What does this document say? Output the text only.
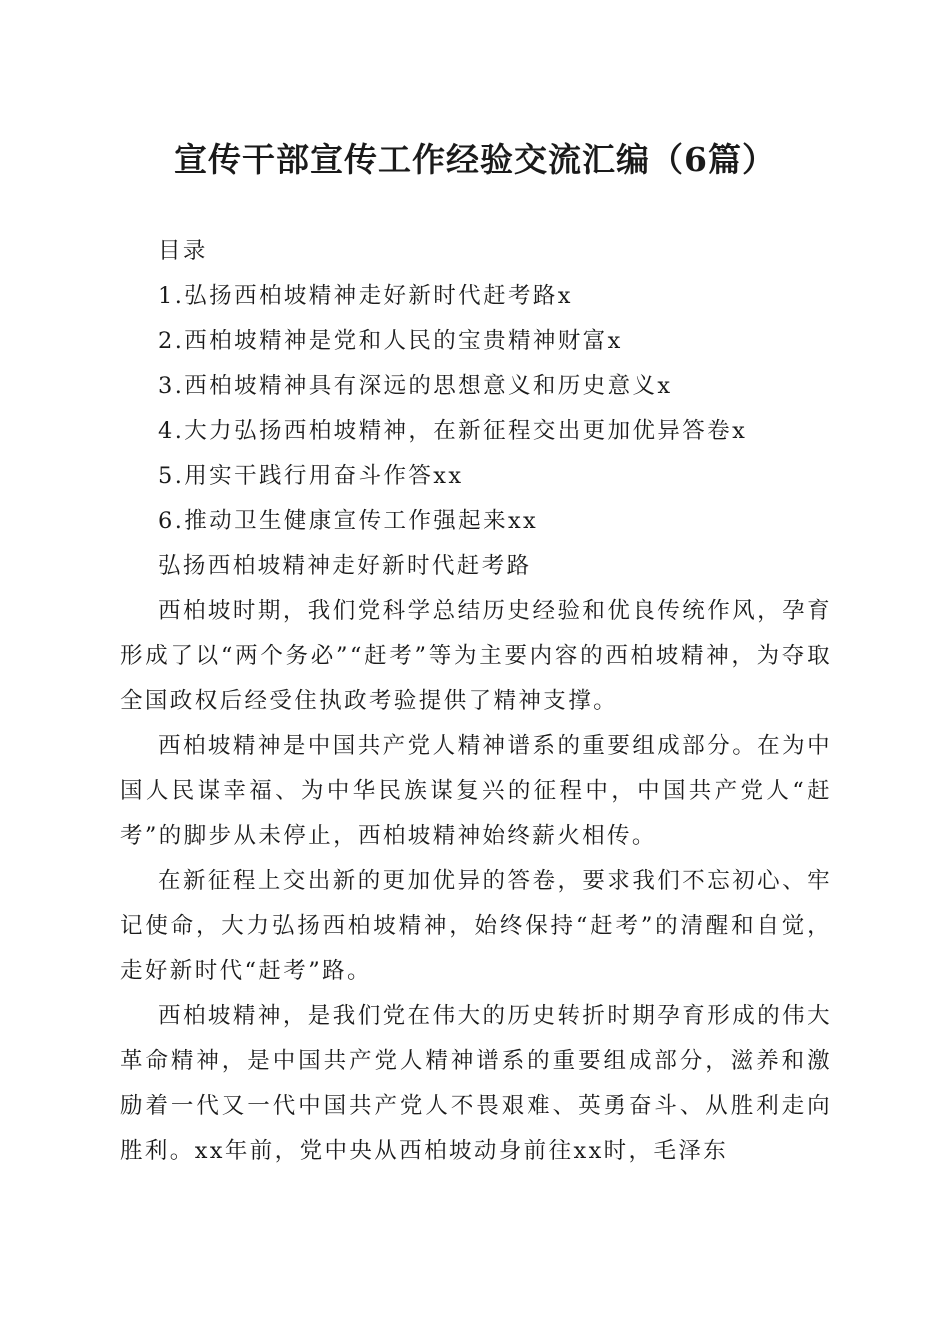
宣传干部宣传工作经验交流汇编（6篇）

目录

1.弘扬西柏坡精神走好新时代赶考路x

2.西柏坡精神是党和人民的宝贵精神财富x

3.西柏坡精神具有深远的思想意义和历史意义x

4.大力弘扬西柏坡精神，在新征程交出更加优异答卷x

5.用实干践行用奋斗作答xx

6.推动卫生健康宣传工作强起来xx

弘扬西柏坡精神走好新时代赶考路

西柏坡时期，我们党科学总结历史经验和优良传统作风，孕育形成了以“两个务必”“赶考”等为主要内容的西柏坡精神，为夺取全国政权后经受住执政考验提供了精神支撑。

西柏坡精神是中国共产党人精神谱系的重要组成部分。在为中国人民谋幸福、为中华民族谋复兴的征程中，中国共产党人“赶考”的脚步从未停止，西柏坡精神始终薪火相传。

在新征程上交出新的更加优异的答卷，要求我们不忘初心、牢记使命，大力弘扬西柏坡精神，始终保持“赶考”的清醒和自觉，走好新时代“赶考”路。

西柏坡精神，是我们党在伟大的历史转折时期孕育形成的伟大革命精神，是中国共产党人精神谱系的重要组成部分，滋养和激励着一代又一代中国共产党人不畏艰难、英勇奋斗、从胜利走向胜利。xx年前，党中央从西柏坡动身前往xx时，毛泽东
